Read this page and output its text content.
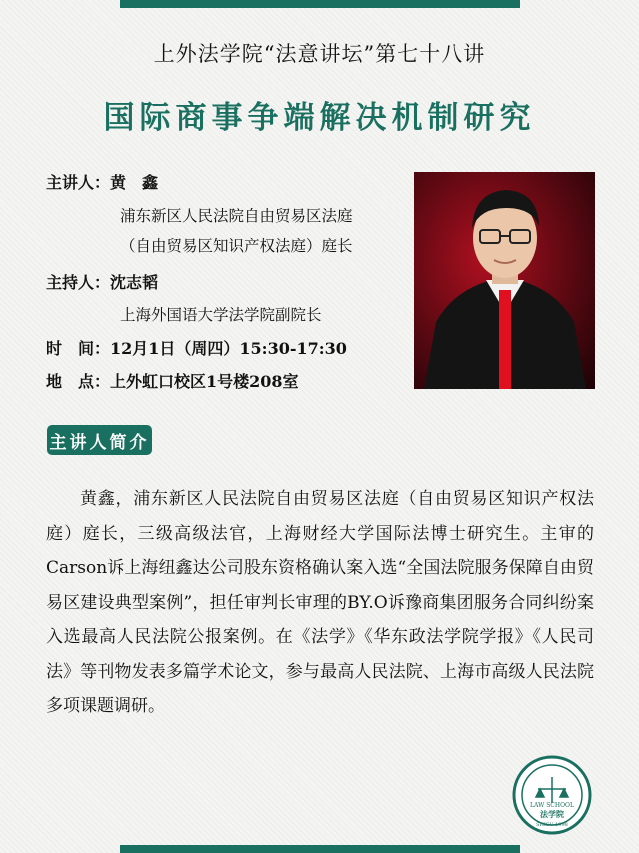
上外法学院“法意讲坛”第七十八讲
国际商事争端解决机制研究
主讲人：黄　鑫
浦东新区人民法院自由贸易区法庭
（自由贸易区知识产权法庭）庭长
主持人：沈志韬
上海外国语大学法学院副院长
时　间：12月1日（周四）15:30-17:30
地　点：上外虹口校区1号楼208室
主讲人简介

黄鑫，浦东新区人民法院自由贸易区法庭（自由贸易区知识产权法庭）庭长，三级高级法官，上海财经大学国际法博士研究生。主审的Carson诉上海纽鑫达公司股东资格确认案入选“全国法院服务保障自由贸易区建设典型案例”，担任审判长审理的BY.O诉豫商集团服务合同纠纷案入选最高人民法院公报案例。在《法学》《华东政法学院学报》《人民司法》等刊物发表多篇学术论文，参与最高人民法院、上海市高级人民法院多项课题调研。

LAW SCHOOL
法学院
SHISU 1998
